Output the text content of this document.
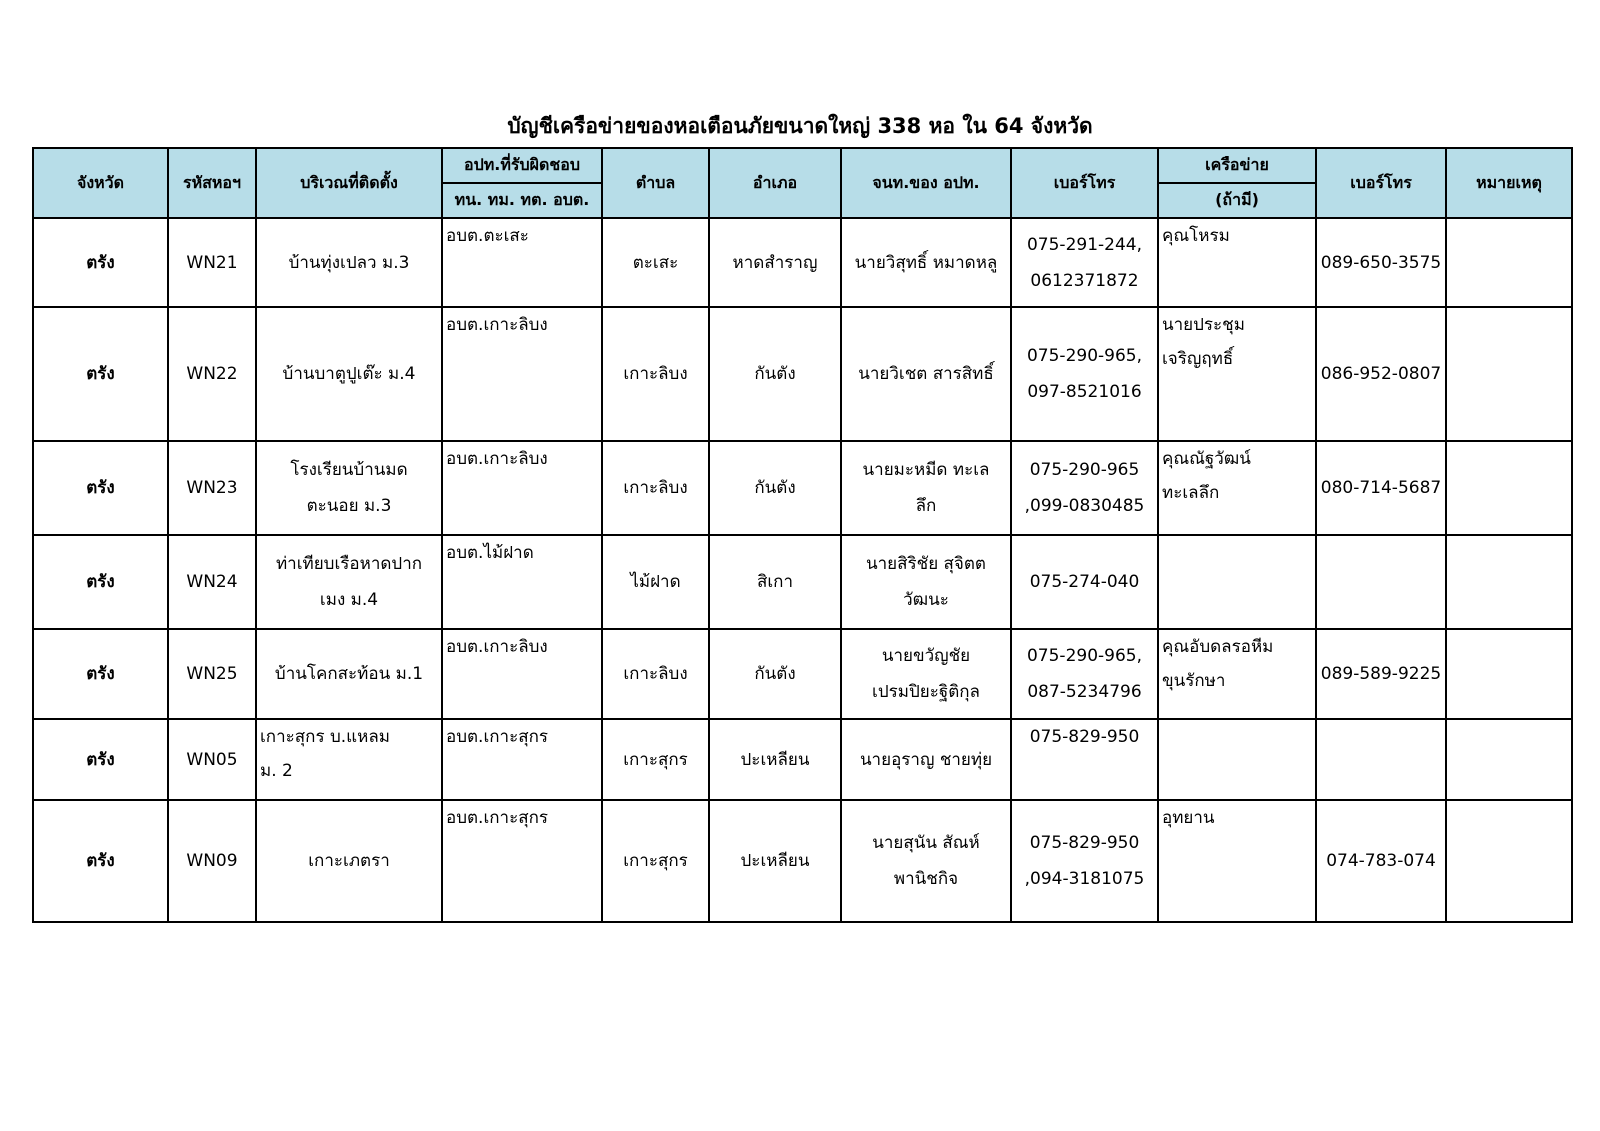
บัญชีเครือข่ายของหอเตือนภัยขนาดใหญ่ 338 หอ ใน 64 จังหวัด
จังหวัด	รหัสหอฯ	บริเวณที่ติดตั้ง	อปท.ที่รับผิดชอบ	ตำบล	อำเภอ	จนท.ของ อปท.	เบอร์โทร	เครือข่าย	เบอร์โทร	หมายเหตุ
			ทน. ทม. ทต. อบต.					(ถ้ามี)		
ตรัง	WN21	บ้านทุ่งเปลว ม.3	อบต.ตะเสะ	ตะเสะ	หาดสำราญ	นายวิสุทธิ์ หมาดหลู	075-291-244,
0612371872	คุณโหรม	089-650-3575	
ตรัง	WN22	บ้านบาตูปูเต๊ะ ม.4	อบต.เกาะลิบง	เกาะลิบง	กันตัง	นายวิเชต สารสิทธิ์	075-290-965,
097-8521016	นายประชุม
เจริญฤทธิ์	086-952-0807	
ตรัง	WN23	โรงเรียนบ้านมด
ตะนอย ม.3	อบต.เกาะลิบง	เกาะลิบง	กันตัง	นายมะหมีด ทะเล
ลึก	075-290-965
,099-0830485	คุณณัฐวัฒน์
ทะเลลึก	080-714-5687	
ตรัง	WN24	ท่าเทียบเรือหาดปาก
เมง ม.4	อบต.ไม้ฝาด	ไม้ฝาด	สิเกา	นายสิริชัย สุจิตต
วัฒนะ	075-274-040			

ตรัง	WN25	บ้านโคกสะท้อน ม.1	อบต.เกาะลิบง	เกาะลิบง	กันตัง	นายขวัญชัย
เปรมปิยะฐิติกุล	075-290-965,
087-5234796	คุณอับดลรอหีม
ขุนรักษา	089-589-9225	
ตรัง	WN05	เกาะสุกร บ.แหลม
ม. 2	อบต.เกาะสุกร	เกาะสุกร	ปะเหลียน	นายอุราญ ชายทุ่ย	075-829-950			

ตรัง	WN09	เกาะเภตรา	อบต.เกาะสุกร	เกาะสุกร	ปะเหลียน	นายสุนัน สัณห์
พานิชกิจ	075-829-950
,094-3181075	อุทยาน	074-783-074	
